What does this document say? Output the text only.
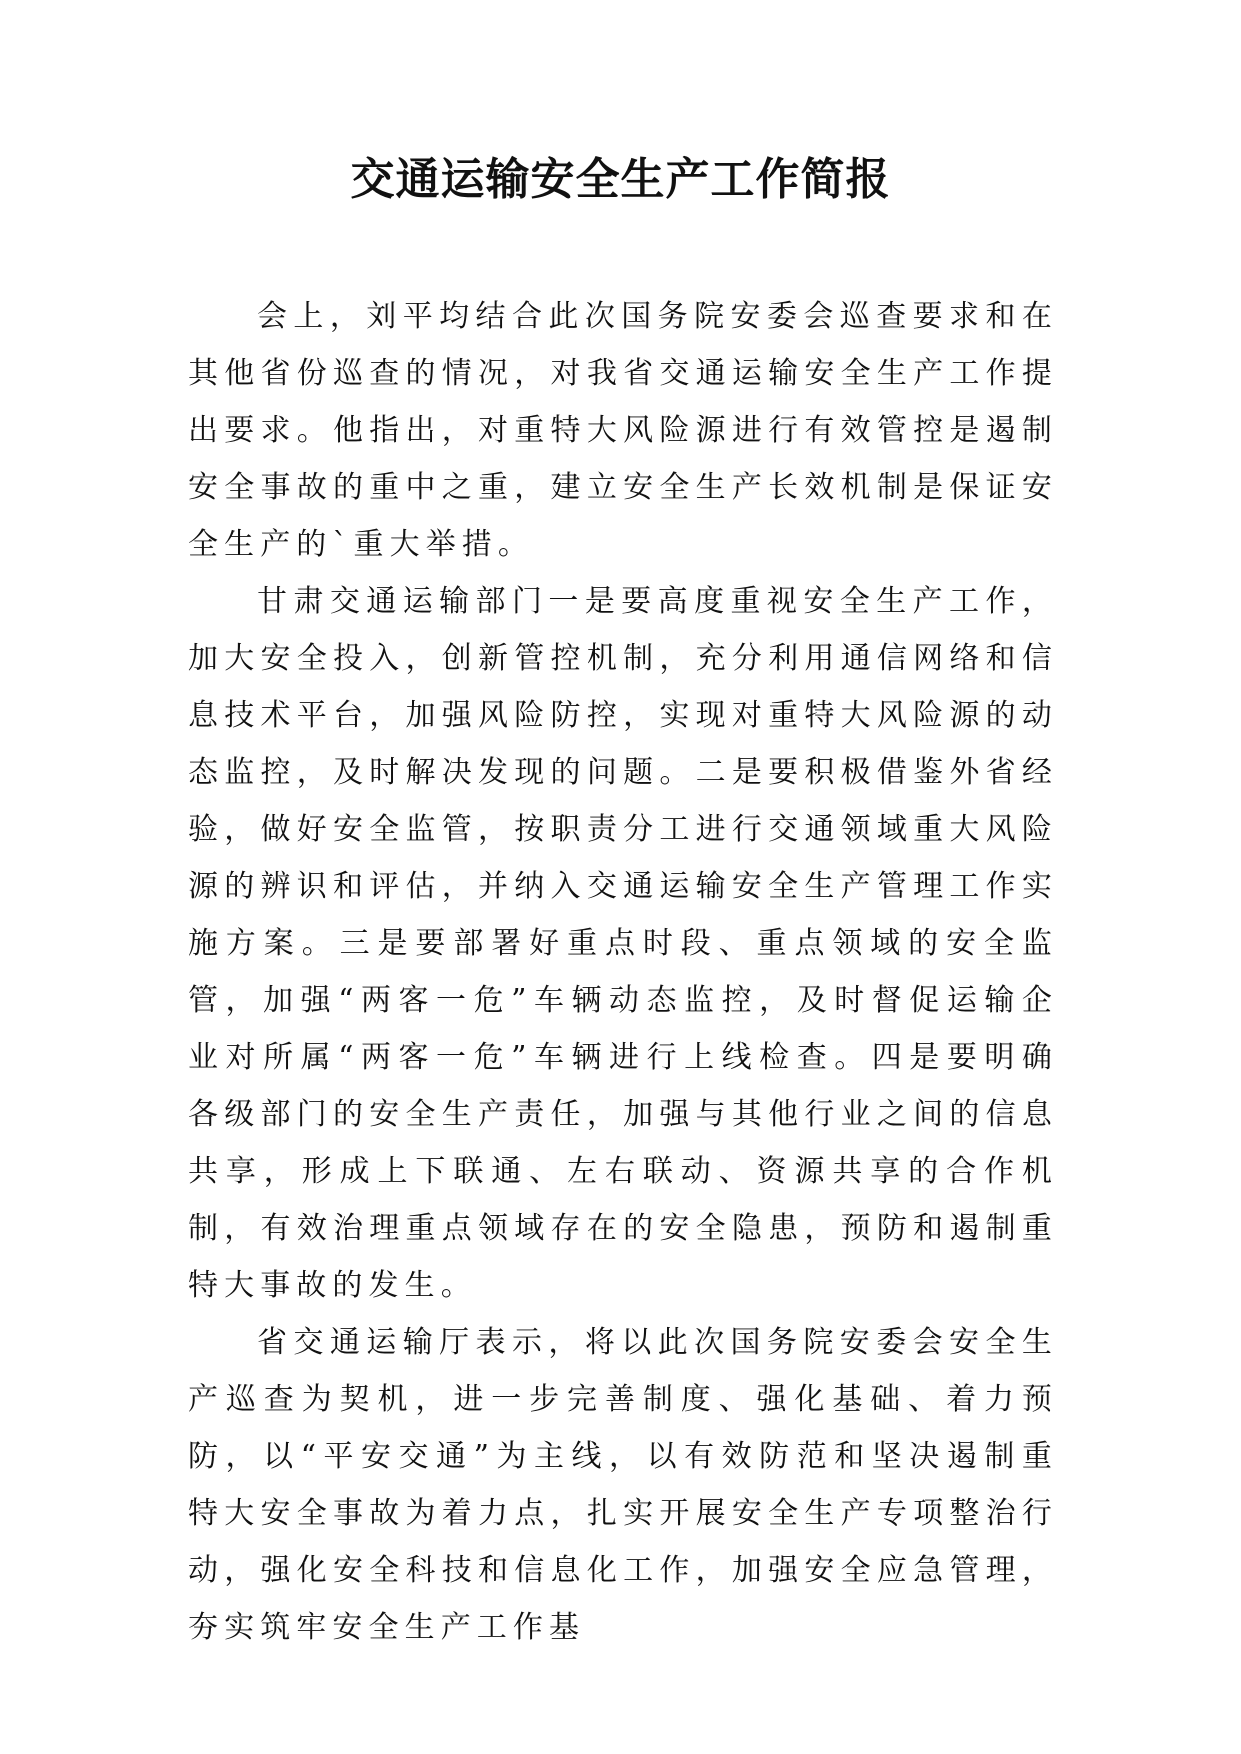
交通运输安全生产工作简报

会上，刘平均结合此次国务院安委会巡查要求和在其他省份巡查的情况，对我省交通运输安全生产工作提出要求。他指出，对重特大风险源进行有效管控是遏制安全事故的重中之重，建立安全生产长效机制是保证安全生产的`重大举措。

甘肃交通运输部门一是要高度重视安全生产工作，加大安全投入，创新管控机制，充分利用通信网络和信息技术平台，加强风险防控，实现对重特大风险源的动态监控，及时解决发现的问题。二是要积极借鉴外省经验，做好安全监管，按职责分工进行交通领域重大风险源的辨识和评估，并纳入交通运输安全生产管理工作实施方案。三是要部署好重点时段、重点领域的安全监管，加强“两客一危”车辆动态监控，及时督促运输企业对所属“两客一危”车辆进行上线检查。四是要明确各级部门的安全生产责任，加强与其他行业之间的信息共享，形成上下联通、左右联动、资源共享的合作机制，有效治理重点领域存在的安全隐患，预防和遏制重特大事故的发生。

省交通运输厅表示，将以此次国务院安委会安全生产巡查为契机，进一步完善制度、强化基础、着力预防，以“平安交通”为主线，以有效防范和坚决遏制重特大安全事故为着力点，扎实开展安全生产专项整治行动，强化安全科技和信息化工作，加强安全应急管理，夯实筑牢安全生产工作基
